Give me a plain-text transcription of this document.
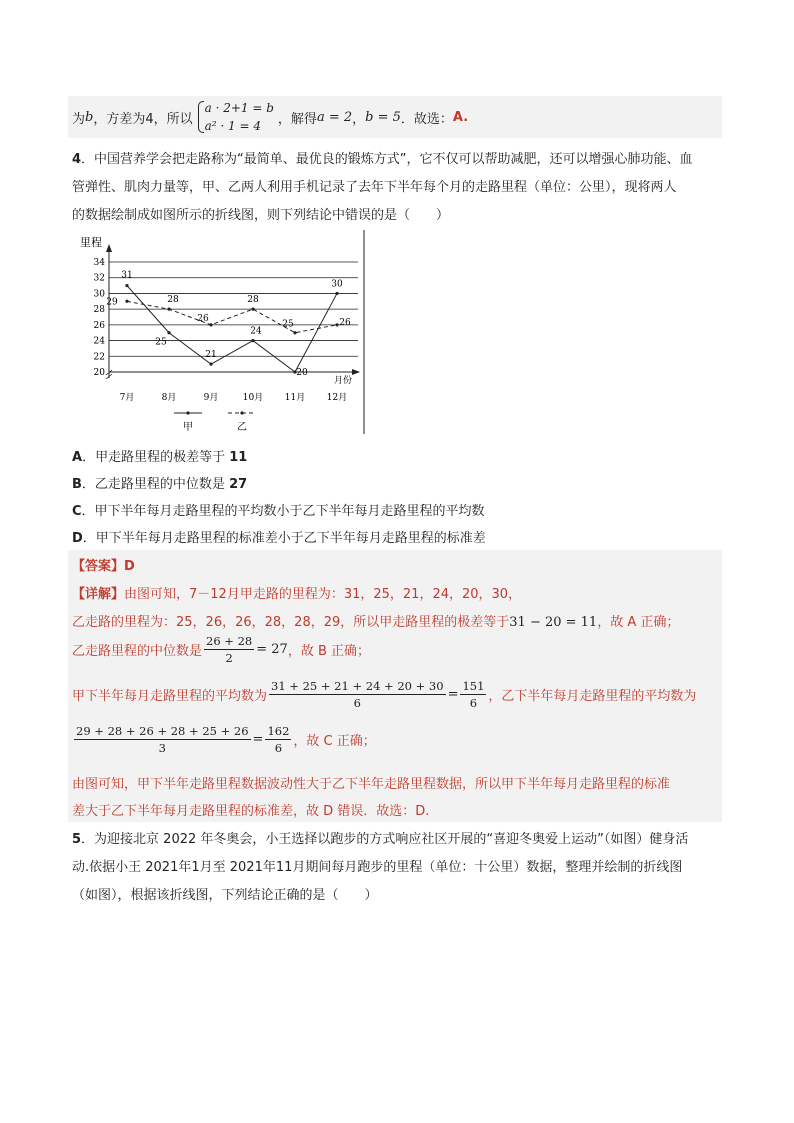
为 b ，方差为4，所以
a · 2+1 = b
a² · 1 = 4	，解得 a = 2 ， b = 5 ．故选： A.
4．中国营养学会把走路称为“最简单、最优良的锻炼方式”，它不仅可以帮助减肥，还可以增强心肺功能、血
管弹性、肌肉力量等，甲、乙两人利用手机记录了去年下半年每个月的走路里程（单位：公里），现将两人
的数据绘制成如图所示的折线图，则下列结论中错误的是（　　）
里程
20
22
24
26
28
30
32
34
7月	8月	9月	10月 11月 12月
月份
31
25
21
24
20
30
29	28
26
28
25	26
甲	乙
A．甲走路里程的极差等于 11
B．乙走路里程的中位数是 27
C．甲下半年每月走路里程的平均数小于乙下半年每月走路里程的平均数
D．甲下半年每月走路里程的标准差小于乙下半年每月走路里程的标准差
【答案】D
【详解】由图可知，7－12月甲走路的里程为：31，25，21，24，20，30，
乙走路的里程为：25，26，26，28，28，29，所以甲走路里程的极差等于31 − 20 = 11，故 A 正确；
乙走路里程的中位数是 $\frac{26 + 28}{2} = 27$ ，故 B 正确；
甲下半年每月走路里程的平均数为 $\frac{31 + 25 + 21 + 24 + 20 + 30}{6} = \frac{151}{6}$ ，乙下半年每月走路里程的平均数为
$\frac{29 + 28 + 26 + 28 + 25 + 26}{3} = \frac{162}{6}$ ，故 C 正确；
由图可知，甲下半年走路里程数据波动性大于乙下半年走路里程数据，所以甲下半年每月走路里程的标准
差大于乙下半年每月走路里程的标准差，故 D 错误．故选：D.
5．为迎接北京 2022 年冬奥会，小王选择以跑步的方式响应社区开展的“喜迎冬奥爱上运动”（如图）健身活
动.依据小王 2021年1月至 2021年11月期间每月跑步的里程（单位：十公里）数据，整理并绘制的折线图
（如图），根据该折线图，下列结论正确的是（　　）
